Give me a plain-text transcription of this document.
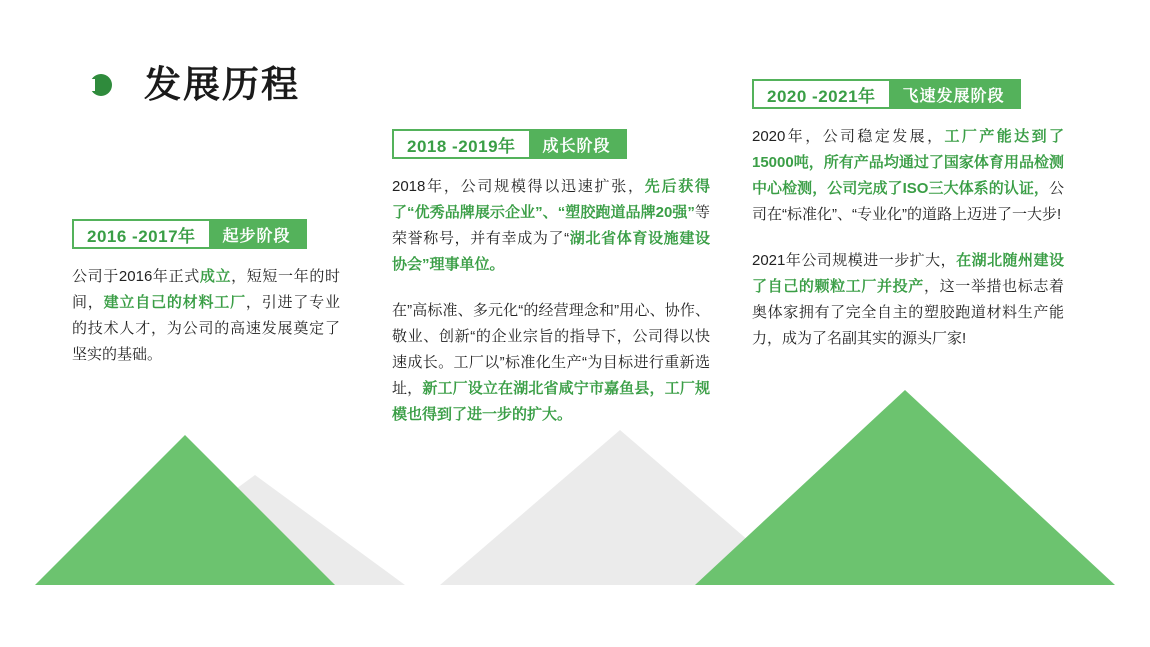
发展历程
2016 -2017年	起步阶段
公司于2016年正式成立，短短一年的时间，建立自己的材料工厂，引进了专业的技术人才，为公司的高速发展奠定了坚实的基础。
2018 -2019年	成长阶段
2018年，公司规模得以迅速扩张，先后获得了“优秀品牌展示企业”、“塑胶跑道品牌20强”等荣誉称号，并有幸成为了“湖北省体育设施建设协会”理事单位。
在”高标准、多元化“的经营理念和”用心、协作、敬业、创新“的企业宗旨的指导下，公司得以快速成长。工厂以”标准化生产“为目标进行重新选址，新工厂设立在湖北省咸宁市嘉鱼县，工厂规模也得到了进一步的扩大。
2020 -2021年	飞速发展阶段
2020年，公司稳定发展，工厂产能达到了15000吨，所有产品均通过了国家体育用品检测中心检测，公司完成了ISO三大体系的认证，公司在“标准化”、“专业化”的道路上迈进了一大步!
2021年公司规模进一步扩大，在湖北随州建设了自己的颗粒工厂并投产，这一举措也标志着奥体家拥有了完全自主的塑胶跑道材料生产能力，成为了名副其实的源头厂家!
